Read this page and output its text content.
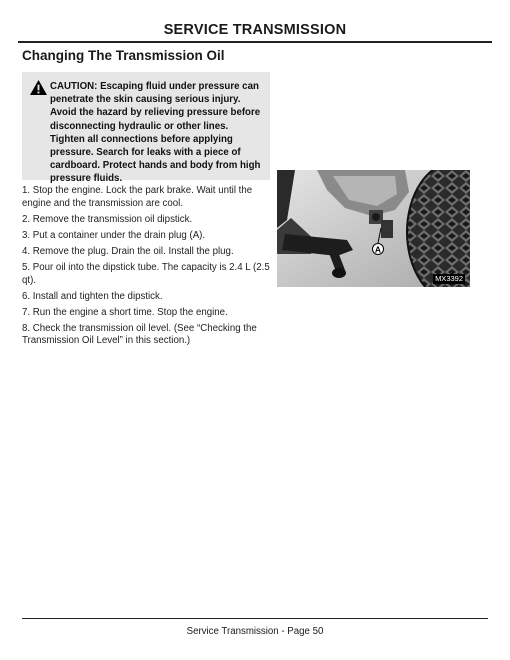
SERVICE TRANSMISSION
Changing The Transmission Oil
CAUTION: Escaping fluid under pressure can penetrate the skin causing serious injury. Avoid the hazard by relieving pressure before disconnecting hydraulic or other lines. Tighten all connections before applying pressure. Search for leaks with a piece of cardboard. Protect hands and body from high pressure fluids.
1. Stop the engine. Lock the park brake. Wait until the engine and the transmission are cool.
2. Remove the transmission oil dipstick.
3. Put a container under the drain plug (A).
4. Remove the plug. Drain the oil. Install the plug.
5. Pour oil into the dipstick tube. The capacity is 2.4 L (2.5 qt).
6. Install and tighten the dipstick.
7. Run the engine a short time. Stop the engine.
8. Check the transmission oil level. (See “Checking the Transmission Oil Level” in this section.)
A
MX3392
Service Transmission - Page 50
